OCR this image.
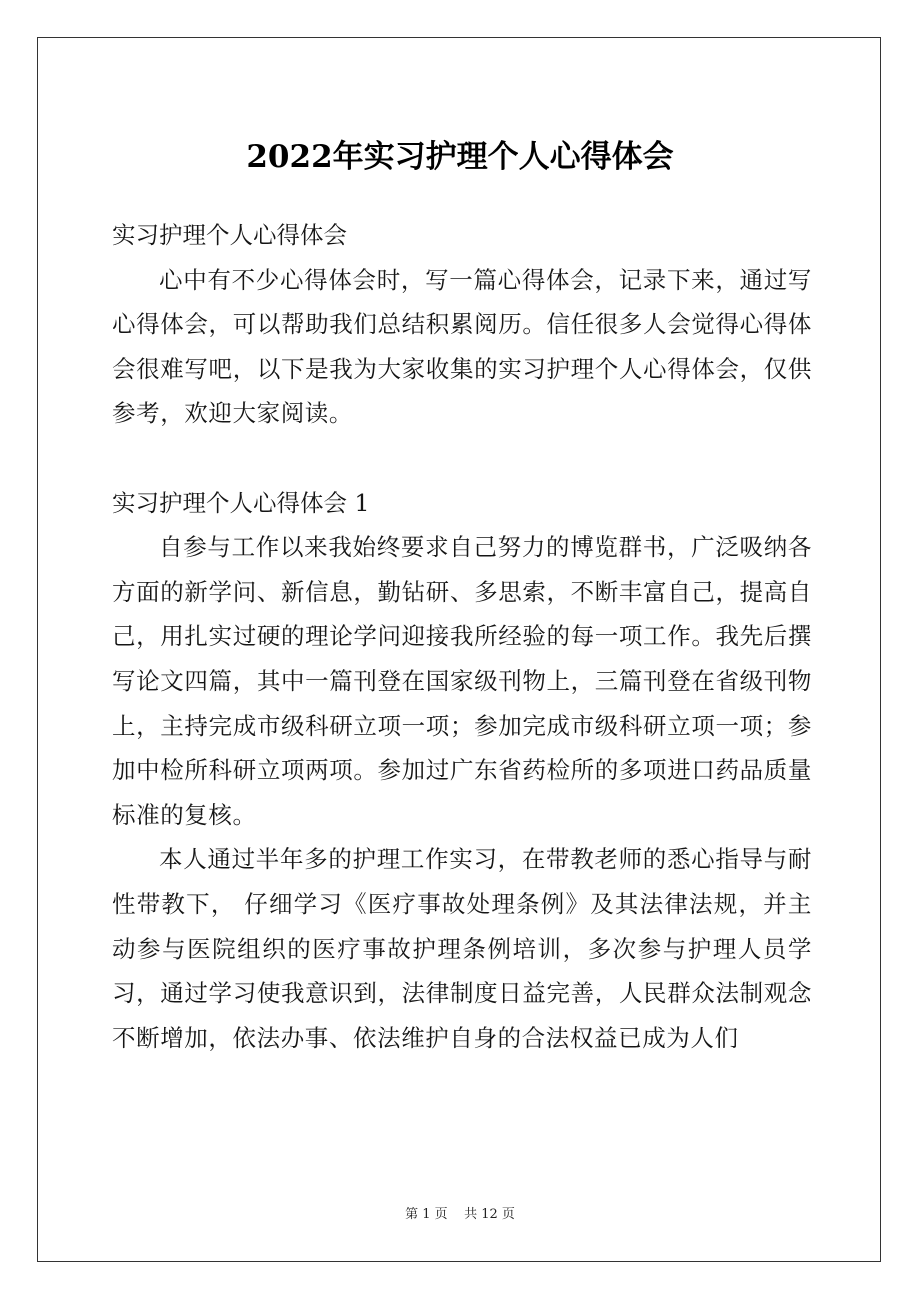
2022年实习护理个人心得体会
实习护理个人心得体会

心中有不少心得体会时，写一篇心得体会，记录下来，通过写心得体会，可以帮助我们总结积累阅历。信任很多人会觉得心得体会很难写吧，以下是我为大家收集的实习护理个人心得体会，仅供参考，欢迎大家阅读。

实习护理个人心得体会 1

自参与工作以来我始终要求自己努力的博览群书，广泛吸纳各方面的新学问、新信息，勤钻研、多思索，不断丰富自己，提高自己，用扎实过硬的理论学问迎接我所经验的每一项工作。我先后撰写论文四篇，其中一篇刊登在国家级刊物上，三篇刊登在省级刊物上，主持完成市级科研立项一项；参加完成市级科研立项一项；参加中检所科研立项两项。参加过广东省药检所的多项进口药品质量标准的复核。

本人通过半年多的护理工作实习，在带教老师的悉心指导与耐性带教下， 仔细学习《医疗事故处理条例》及其法律法规，并主动参与医院组织的医疗事故护理条例培训，多次参与护理人员学习，通过学习使我意识到，法律制度日益完善，人民群众法制观念不断增加，依法办事、依法维护自身的合法权益已成为人们

第 1 页    共 12 页
